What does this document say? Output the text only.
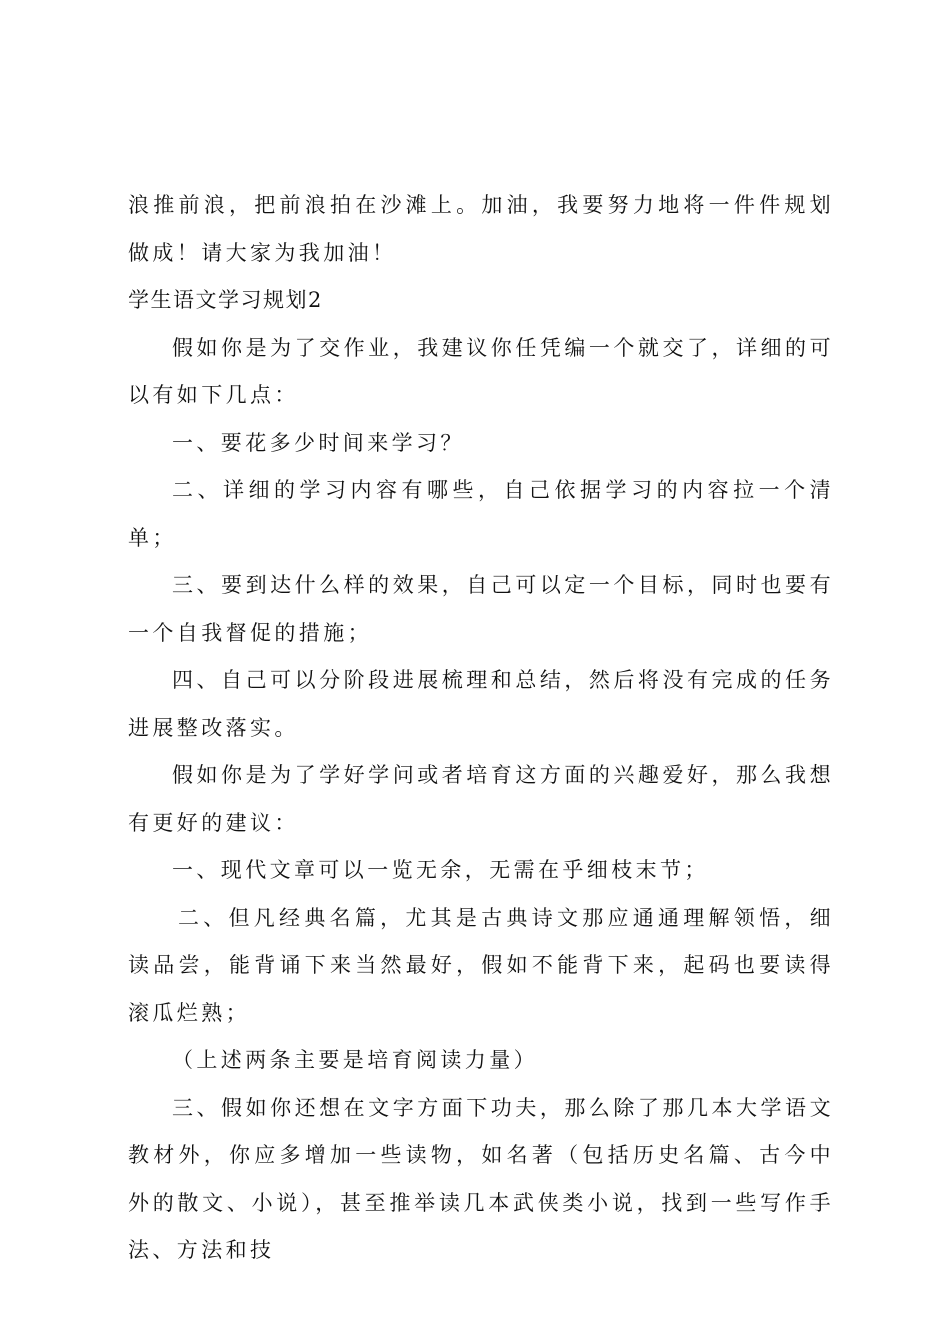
浪推前浪，把前浪拍在沙滩上。加油，我要努力地将一件件规划做成！请大家为我加油！

学生语文学习规划2

假如你是为了交作业，我建议你任凭编一个就交了，详细的可以有如下几点：

一、要花多少时间来学习？

二、详细的学习内容有哪些，自己依据学习的内容拉一个清单；

三、要到达什么样的效果，自己可以定一个目标，同时也要有一个自我督促的措施；

四、自己可以分阶段进展梳理和总结，然后将没有完成的任务进展整改落实。

假如你是为了学好学问或者培育这方面的兴趣爱好，那么我想有更好的建议：

一、现代文章可以一览无余，无需在乎细枝末节；

二、但凡经典名篇，尤其是古典诗文那应通通理解领悟，细读品尝，能背诵下来当然最好，假如不能背下来，起码也要读得滚瓜烂熟；

（上述两条主要是培育阅读力量）

三、假如你还想在文字方面下功夫，那么除了那几本大学语文教材外，你应多增加一些读物，如名著（包括历史名篇、古今中外的散文、小说），甚至推举读几本武侠类小说，找到一些写作手法、方法和技
